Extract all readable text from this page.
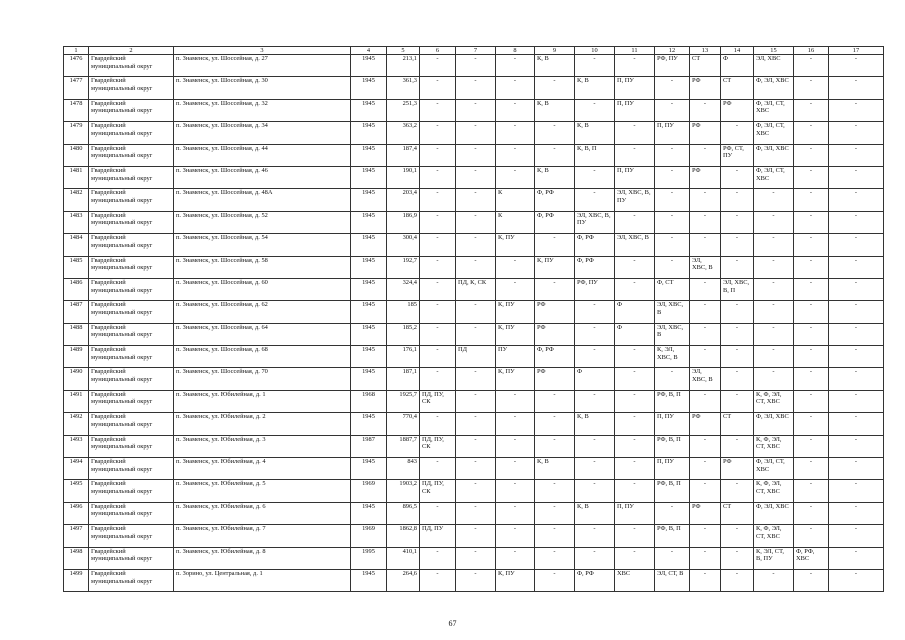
1	2	3	4	5	6	7	8	9	10	11	12	13	14	15	16	17
1476	Гвардейский муниципальный округ	п. Знаменск, ул. Шоссейная, д. 27	1945	213,1	-	-	-	К, В	-	-	РФ, ПУ	СТ	Ф	ЭЛ, ХВС	-	-
1477	Гвардейский муниципальный округ	п. Знаменск, ул. Шоссейная, д. 30	1945	361,3	-	-	-	-	К, В	П, ПУ	-	РФ	СТ	Ф, ЭЛ, ХВС	-	-
1478	Гвардейский муниципальный округ	п. Знаменск, ул. Шоссейная, д. 32	1945	251,3	-	-	-	К, В	-	П, ПУ	-	-	РФ	Ф, ЭЛ, СТ, ХВС	-	-
1479	Гвардейский муниципальный округ	п. Знаменск, ул. Шоссейная, д. 34	1945	363,2	-	-	-	-	К, В	-	П, ПУ	РФ	-	Ф, ЭЛ, СТ, ХВС	-	-
1480	Гвардейский муниципальный округ	п. Знаменск, ул. Шоссейная, д. 44	1945	187,4	-	-	-	-	К, В, П	-	-	-	РФ, СТ, ПУ	Ф, ЭЛ, ХВС	-	-
1481	Гвардейский муниципальный округ	п. Знаменск, ул. Шоссейная, д. 46	1945	190,1	-	-	-	К, В	-	П, ПУ	-	РФ	-	Ф, ЭЛ, СТ, ХВС	-	-
1482	Гвардейский муниципальный округ	п. Знаменск, ул. Шоссейная, д. 48А	1945	203,4	-	-	К	Ф, РФ	-	ЭЛ, ХВС, В, ПУ	-	-	-	-	-	-
1483	Гвардейский муниципальный округ	п. Знаменск, ул. Шоссейная, д. 52	1945	186,9	-	-	К	Ф, РФ	ЭЛ, ХВС, В, ПУ	-	-	-	-	-	-	-
1484	Гвардейский муниципальный округ	п. Знаменск, ул. Шоссейная, д. 54	1945	300,4	-	-	К, ПУ	-	Ф, РФ	ЭЛ, ХВС, В	-	-	-	-	-	-
1485	Гвардейский муниципальный округ	п. Знаменск, ул. Шоссейная, д. 58	1945	192,7	-	-	-	К, ПУ	Ф, РФ	-	-	ЭЛ, ХВС, В	-	-	-	-
1486	Гвардейский муниципальный округ	п. Знаменск, ул. Шоссейная, д. 60	1945	324,4	-	ПД, К, СК	-	-	РФ, ПУ	-	Ф, СТ	-	ЭЛ, ХВС, В, П	-	-	-
1487	Гвардейский муниципальный округ	п. Знаменск, ул. Шоссейная, д. 62	1945	185	-	-	К, ПУ	РФ	-	Ф	ЭЛ, ХВС, В	-	-	-	-	-
1488	Гвардейский муниципальный округ	п. Знаменск, ул. Шоссейная, д. 64	1945	185,2	-	-	К, ПУ	РФ	-	Ф	ЭЛ, ХВС, В	-	-	-	-	-
1489	Гвардейский муниципальный округ	п. Знаменск, ул. Шоссейная, д. 68	1945	176,1	-	ПД	ПУ	Ф, РФ	-	-	К, ЭЛ, ХВС, В	-	-	-	-	-
1490	Гвардейский муниципальный округ	п. Знаменск, ул. Шоссейная, д. 70	1945	187,1	-	-	К, ПУ	РФ	Ф	-	-	ЭЛ, ХВС, В	-	-	-	-
1491	Гвардейский муниципальный округ	п. Знаменск, ул. Юбилейная, д. 1	1968	1925,7	ПД, ПУ, СК	-	-	-	-	-	РФ, В, П	-	-	К, Ф, ЭЛ, СТ, ХВС	-	-
1492	Гвардейский муниципальный округ	п. Знаменск, ул. Юбилейная, д. 2	1945	770,4	-	-	-	-	К, В	-	П, ПУ	РФ	СТ	Ф, ЭЛ, ХВС	-	-
1493	Гвардейский муниципальный округ	п. Знаменск, ул. Юбилейная, д. 3	1987	1887,7	ПД, ПУ, СК	-	-	-	-	-	РФ, В, П	-	-	К, Ф, ЭЛ, СТ, ХВС	-	-
1494	Гвардейский муниципальный округ	п. Знаменск, ул. Юбилейная, д. 4	1945	843	-	-	-	К, В	-	-	П, ПУ	-	РФ	Ф, ЭЛ, СТ, ХВС	-	-
1495	Гвардейский муниципальный округ	п. Знаменск, ул. Юбилейная, д. 5	1969	1903,2	ПД, ПУ, СК	-	-	-	-	-	РФ, В, П	-	-	К, Ф, ЭЛ, СТ, ХВС	-	-
1496	Гвардейский муниципальный округ	п. Знаменск, ул. Юбилейная, д. 6	1945	896,5	-	-	-	-	К, В	П, ПУ	-	РФ	СТ	Ф, ЭЛ, ХВС	-	-
1497	Гвардейский муниципальный округ	п. Знаменск, ул. Юбилейная, д. 7	1969	1862,8	ПД, ПУ	-	-	-	-	-	РФ, В, П	-	-	К, Ф, ЭЛ, СТ, ХВС	-	-
1498	Гвардейский муниципальный округ	п. Знаменск, ул. Юбилейная, д. 8	1995	410,1	-	-	-	-	-	-	-	-	-	К, ЭЛ, СТ, В, ПУ	Ф, РФ, ХВС	-
1499	Гвардейский муниципальный округ	п. Зорино, ул. Центральная, д. 1	1945	264,6	-	-	К, ПУ	-	Ф, РФ	ХВС	ЭЛ, СТ, В	-	-	-	-	-
67
